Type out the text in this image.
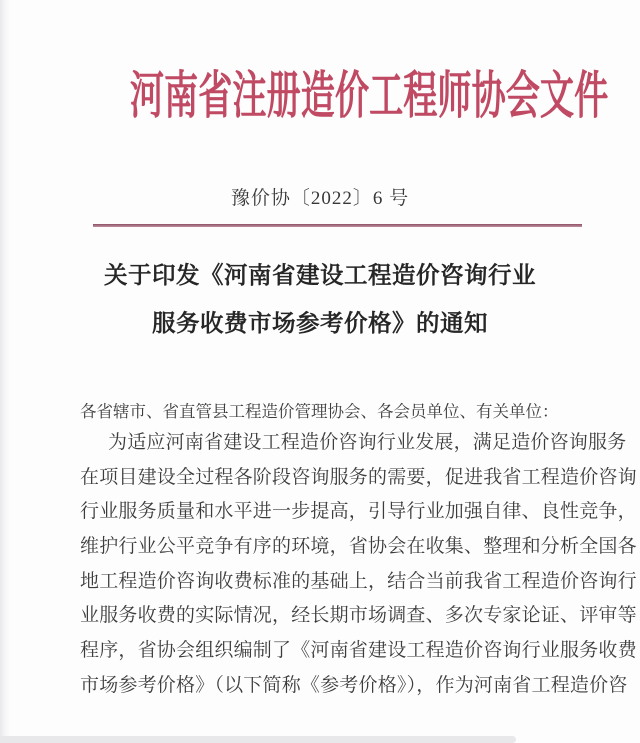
河南省注册造价工程师协会文件
豫价协〔2022〕6 号
关于印发《河南省建设工程造价咨询行业
服务收费市场参考价格》的通知
各省辖市、省直管县工程造价管理协会、各会员单位、有关单位：
为适应河南省建设工程造价咨询行业发展，满足造价咨询服务
在项目建设全过程各阶段咨询服务的需要，促进我省工程造价咨询
行业服务质量和水平进一步提高，引导行业加强自律、良性竞争，
维护行业公平竞争有序的环境，省协会在收集、整理和分析全国各
地工程造价咨询收费标准的基础上，结合当前我省工程造价咨询行
业服务收费的实际情况，经长期市场调查、多次专家论证、评审等
程序，省协会组织编制了《河南省建设工程造价咨询行业服务收费
市场参考价格》（以下简称《参考价格》），作为河南省工程造价咨
